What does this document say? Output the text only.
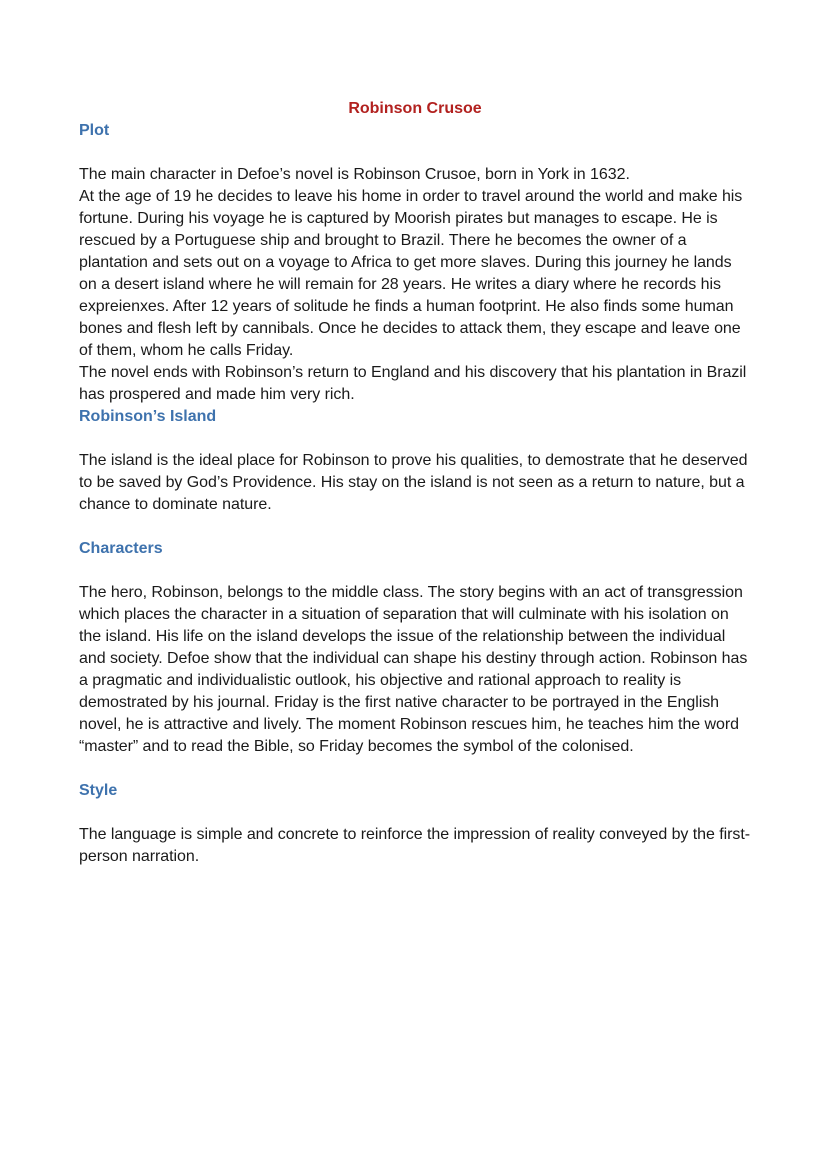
Robinson Crusoe
Plot

The main character in Defoe’s novel is Robinson Crusoe, born in York in 1632.

At the age of 19 he decides to leave his home in order to travel around the world and make his fortune. During his voyage he is captured by Moorish pirates but manages to escape. He is rescued by a Portuguese ship and brought to Brazil. There he becomes the owner of a plantation and sets out on a voyage to Africa to get more slaves. During this journey he lands on a desert island where he will remain for 28 years. He writes a diary where he records his expreienxes. After 12 years of solitude he finds a human footprint. He also finds some human bones and flesh left by cannibals. Once he decides to attack them, they escape and leave one of them, whom he calls Friday.

The novel ends with Robinson’s return to England and his discovery that his plantation in Brazil has prospered and made him very rich.

Robinson’s Island

The island is the ideal place for Robinson to prove his qualities, to demostrate that he deserved to be saved by God’s Providence. His stay on the island is not seen as a return to nature, but a chance to dominate nature.

Characters

The hero, Robinson, belongs to the middle class. The story begins with an act of transgression which places the character in a situation of separation that will culminate with his isolation on the island. His life on the island develops the issue of the relationship between the individual and society. Defoe show that the individual can shape his destiny through action. Robinson has a pragmatic and individualistic outlook, his objective and rational approach to reality is demostrated by his journal. Friday is the first native character to be portrayed in the English novel, he is attractive and lively. The moment Robinson rescues him, he teaches him the word “master” and to read the Bible, so Friday becomes the symbol of the colonised.

Style

The language is simple and concrete to reinforce the impression of reality conveyed by the first-person narration.
